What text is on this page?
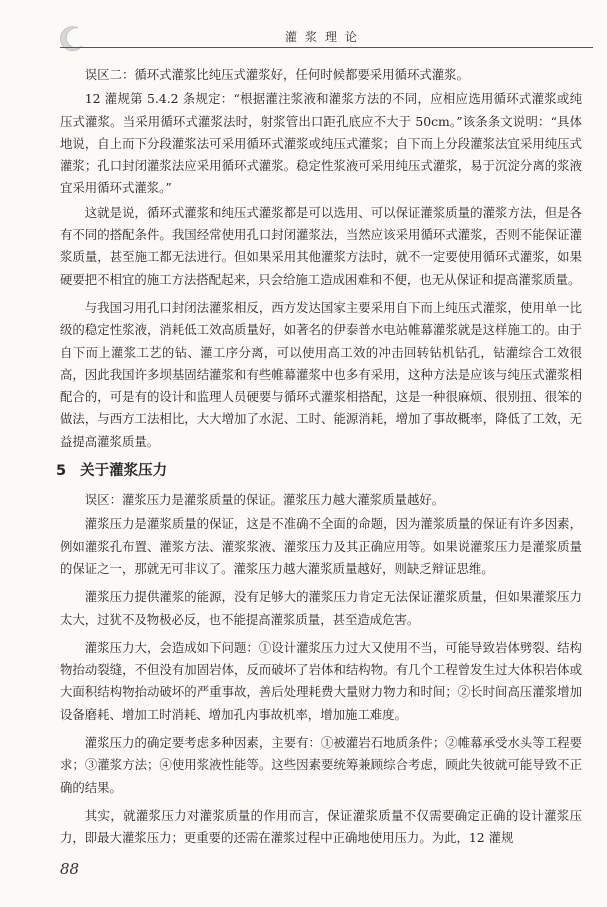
灌浆理论

误区二：循环式灌浆比纯压式灌浆好，任何时候都要采用循环式灌浆。

12 灌规第 5.4.2 条规定：“根据灌注浆液和灌浆方法的不同，应相应选用循环式灌浆或纯压式灌浆。当采用循环式灌浆法时，射浆管出口距孔底应不大于 50cm。”该条条文说明：“具体地说，自上而下分段灌浆法可采用循环式灌浆或纯压式灌浆；自下而上分段灌浆法宜采用纯压式灌浆；孔口封闭灌浆法应采用循环式灌浆。稳定性浆液可采用纯压式灌浆，易于沉淀分离的浆液宜采用循环式灌浆。”

这就是说，循环式灌浆和纯压式灌浆都是可以选用、可以保证灌浆质量的灌浆方法，但是各有不同的搭配条件。我国经常使用孔口封闭灌浆法，当然应该采用循环式灌浆，否则不能保证灌浆质量，甚至施工都无法进行。但如果采用其他灌浆方法时，就不一定要使用循环式灌浆，如果硬要把不相宜的施工方法搭配起来，只会给施工造成困难和不便，也无从保证和提高灌浆质量。

与我国习用孔口封闭法灌浆相反，西方发达国家主要采用自下而上纯压式灌浆，使用单一比级的稳定性浆液，消耗低工效高质量好，如著名的伊泰普水电站帷幕灌浆就是这样施工的。由于自下而上灌浆工艺的钻、灌工序分离，可以使用高工效的冲击回转钻机钻孔，钻灌综合工效很高，因此我国许多坝基固结灌浆和有些帷幕灌浆中也多有采用，这种方法是应该与纯压式灌浆相配合的，可是有的设计和监理人员硬要与循环式灌浆相搭配，这是一种很麻烦、很别扭、很笨的做法，与西方工法相比，大大增加了水泥、工时、能源消耗，增加了事故概率，降低了工效，无益提高灌浆质量。

5 关于灌浆压力

误区：灌浆压力是灌浆质量的保证。灌浆压力越大灌浆质量越好。

灌浆压力是灌浆质量的保证，这是不准确不全面的命题，因为灌浆质量的保证有许多因素，例如灌浆孔布置、灌浆方法、灌浆浆液、灌浆压力及其正确应用等。如果说灌浆压力是灌浆质量的保证之一，那就无可非议了。灌浆压力越大灌浆质量越好，则缺乏辩证思维。

灌浆压力提供灌浆的能源，没有足够大的灌浆压力肯定无法保证灌浆质量，但如果灌浆压力太大，过犹不及物极必反，也不能提高灌浆质量，甚至造成危害。

灌浆压力大，会造成如下问题：①设计灌浆压力过大又使用不当，可能导致岩体劈裂、结构物抬动裂缝，不但没有加固岩体，反而破坏了岩体和结构物。有几个工程曾发生过大体积岩体或大面积结构物抬动破坏的严重事故，善后处理耗费大量财力物力和时间；②长时间高压灌浆增加设备磨耗、增加工时消耗、增加孔内事故机率，增加施工难度。

灌浆压力的确定要考虑多种因素，主要有：①被灌岩石地质条件；②帷幕承受水头等工程要求；③灌浆方法；④使用浆液性能等。这些因素要统筹兼顾综合考虑，顾此失彼就可能导致不正确的结果。

其实，就灌浆压力对灌浆质量的作用而言，保证灌浆质量不仅需要确定正确的设计灌浆压力，即最大灌浆压力；更重要的还需在灌浆过程中正确地使用压力。为此，12 灌规

88
